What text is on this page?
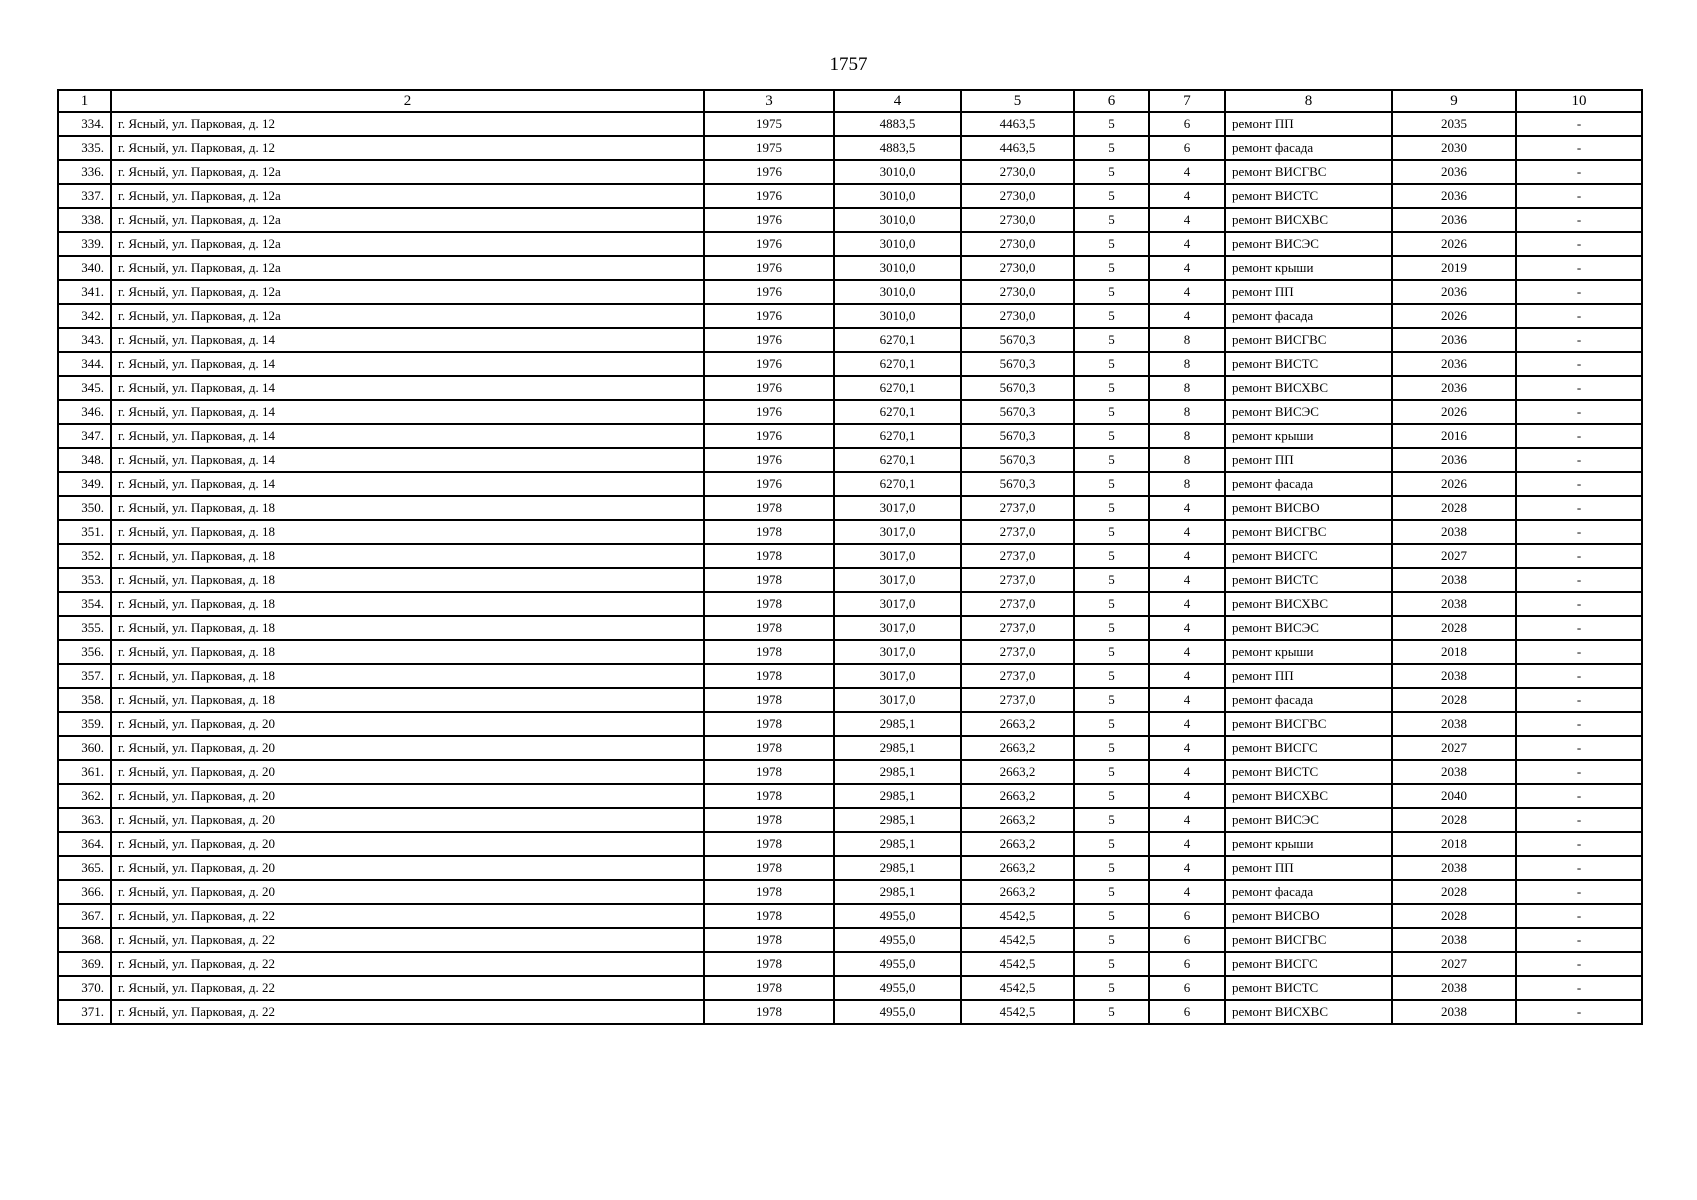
1757
1	2	3	4	5	6	7	8	9	10
334.	г. Ясный, ул. Парковая, д. 12	1975	4883,5	4463,5	5	6	ремонт ПП	2035	-
335.	г. Ясный, ул. Парковая, д. 12	1975	4883,5	4463,5	5	6	ремонт фасада	2030	-
336.	г. Ясный, ул. Парковая, д. 12а	1976	3010,0	2730,0	5	4	ремонт ВИСГВС	2036	-
337.	г. Ясный, ул. Парковая, д. 12а	1976	3010,0	2730,0	5	4	ремонт ВИСТС	2036	-
338.	г. Ясный, ул. Парковая, д. 12а	1976	3010,0	2730,0	5	4	ремонт ВИСХВС	2036	-
339.	г. Ясный, ул. Парковая, д. 12а	1976	3010,0	2730,0	5	4	ремонт ВИСЭС	2026	-
340.	г. Ясный, ул. Парковая, д. 12а	1976	3010,0	2730,0	5	4	ремонт крыши	2019	-
341.	г. Ясный, ул. Парковая, д. 12а	1976	3010,0	2730,0	5	4	ремонт ПП	2036	-
342.	г. Ясный, ул. Парковая, д. 12а	1976	3010,0	2730,0	5	4	ремонт фасада	2026	-
343.	г. Ясный, ул. Парковая, д. 14	1976	6270,1	5670,3	5	8	ремонт ВИСГВС	2036	-
344.	г. Ясный, ул. Парковая, д. 14	1976	6270,1	5670,3	5	8	ремонт ВИСТС	2036	-
345.	г. Ясный, ул. Парковая, д. 14	1976	6270,1	5670,3	5	8	ремонт ВИСХВС	2036	-
346.	г. Ясный, ул. Парковая, д. 14	1976	6270,1	5670,3	5	8	ремонт ВИСЭС	2026	-
347.	г. Ясный, ул. Парковая, д. 14	1976	6270,1	5670,3	5	8	ремонт крыши	2016	-
348.	г. Ясный, ул. Парковая, д. 14	1976	6270,1	5670,3	5	8	ремонт ПП	2036	-
349.	г. Ясный, ул. Парковая, д. 14	1976	6270,1	5670,3	5	8	ремонт фасада	2026	-
350.	г. Ясный, ул. Парковая, д. 18	1978	3017,0	2737,0	5	4	ремонт ВИСВО	2028	-
351.	г. Ясный, ул. Парковая, д. 18	1978	3017,0	2737,0	5	4	ремонт ВИСГВС	2038	-
352.	г. Ясный, ул. Парковая, д. 18	1978	3017,0	2737,0	5	4	ремонт ВИСГС	2027	-
353.	г. Ясный, ул. Парковая, д. 18	1978	3017,0	2737,0	5	4	ремонт ВИСТС	2038	-
354.	г. Ясный, ул. Парковая, д. 18	1978	3017,0	2737,0	5	4	ремонт ВИСХВС	2038	-
355.	г. Ясный, ул. Парковая, д. 18	1978	3017,0	2737,0	5	4	ремонт ВИСЭС	2028	-
356.	г. Ясный, ул. Парковая, д. 18	1978	3017,0	2737,0	5	4	ремонт крыши	2018	-
357.	г. Ясный, ул. Парковая, д. 18	1978	3017,0	2737,0	5	4	ремонт ПП	2038	-
358.	г. Ясный, ул. Парковая, д. 18	1978	3017,0	2737,0	5	4	ремонт фасада	2028	-
359.	г. Ясный, ул. Парковая, д. 20	1978	2985,1	2663,2	5	4	ремонт ВИСГВС	2038	-
360.	г. Ясный, ул. Парковая, д. 20	1978	2985,1	2663,2	5	4	ремонт ВИСГС	2027	-
361.	г. Ясный, ул. Парковая, д. 20	1978	2985,1	2663,2	5	4	ремонт ВИСТС	2038	-
362.	г. Ясный, ул. Парковая, д. 20	1978	2985,1	2663,2	5	4	ремонт ВИСХВС	2040	-
363.	г. Ясный, ул. Парковая, д. 20	1978	2985,1	2663,2	5	4	ремонт ВИСЭС	2028	-
364.	г. Ясный, ул. Парковая, д. 20	1978	2985,1	2663,2	5	4	ремонт крыши	2018	-
365.	г. Ясный, ул. Парковая, д. 20	1978	2985,1	2663,2	5	4	ремонт ПП	2038	-
366.	г. Ясный, ул. Парковая, д. 20	1978	2985,1	2663,2	5	4	ремонт фасада	2028	-
367.	г. Ясный, ул. Парковая, д. 22	1978	4955,0	4542,5	5	6	ремонт ВИСВО	2028	-
368.	г. Ясный, ул. Парковая, д. 22	1978	4955,0	4542,5	5	6	ремонт ВИСГВС	2038	-
369.	г. Ясный, ул. Парковая, д. 22	1978	4955,0	4542,5	5	6	ремонт ВИСГС	2027	-
370.	г. Ясный, ул. Парковая, д. 22	1978	4955,0	4542,5	5	6	ремонт ВИСТС	2038	-
371.	г. Ясный, ул. Парковая, д. 22	1978	4955,0	4542,5	5	6	ремонт ВИСХВС	2038	-
